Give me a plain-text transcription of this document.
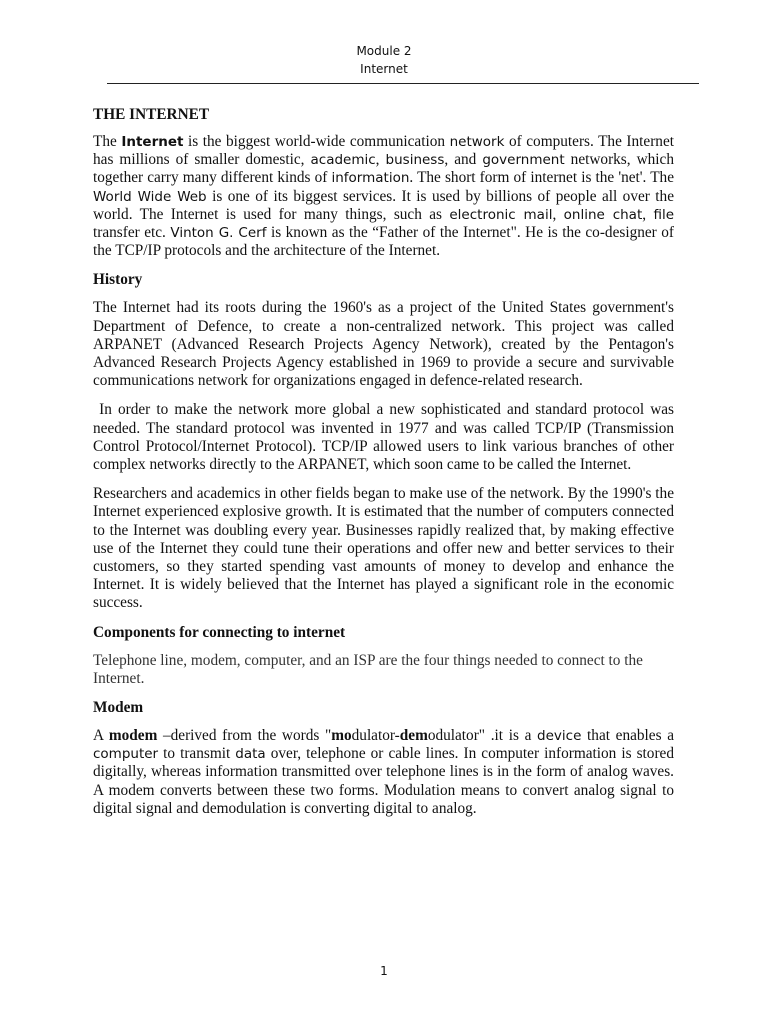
Module 2
Internet
THE INTERNET

The Internet is the biggest world-wide communication network of computers. The Internet has millions of smaller domestic, academic, business, and government networks, which together carry many different kinds of information. The short form of internet is the 'net'. The World Wide Web is one of its biggest services. It is used by billions of people all over the world. The Internet is used for many things, such as electronic mail, online chat, file transfer etc. Vinton G. Cerf is known as the “Father of the Internet". He is the co-designer of the TCP/IP protocols and the architecture of the Internet.

History

The Internet had its roots during the 1960's as a project of the United States government's Department of Defence, to create a non-centralized network. This project was called ARPANET (Advanced Research Projects Agency Network), created by the Pentagon's Advanced Research Projects Agency established in 1969 to provide a secure and survivable communications network for organizations engaged in defence-related research.

In order to make the network more global a new sophisticated and standard protocol was needed. The standard protocol was invented in 1977 and was called TCP/IP (Transmission Control Protocol/Internet Protocol). TCP/IP allowed users to link various branches of other complex networks directly to the ARPANET, which soon came to be called the Internet.

Researchers and academics in other fields began to make use of the network. By the 1990's the Internet experienced explosive growth. It is estimated that the number of computers connected to the Internet was doubling every year. Businesses rapidly realized that, by making effective use of the Internet they could tune their operations and offer new and better services to their customers, so they started spending vast amounts of money to develop and enhance the Internet. It is widely believed that the Internet has played a significant role in the economic success.

Components for connecting to internet

Telephone line, modem, computer, and an ISP are the four things needed to connect to the Internet.

Modem

A modem –derived from the words "modulator-demodulator" .it is a device that enables a computer to transmit data over, telephone or cable lines. In computer information is stored digitally, whereas information transmitted over telephone lines is in the form of analog waves. A modem converts between these two forms. Modulation means to convert analog signal to digital signal and demodulation is converting digital to analog.

1
